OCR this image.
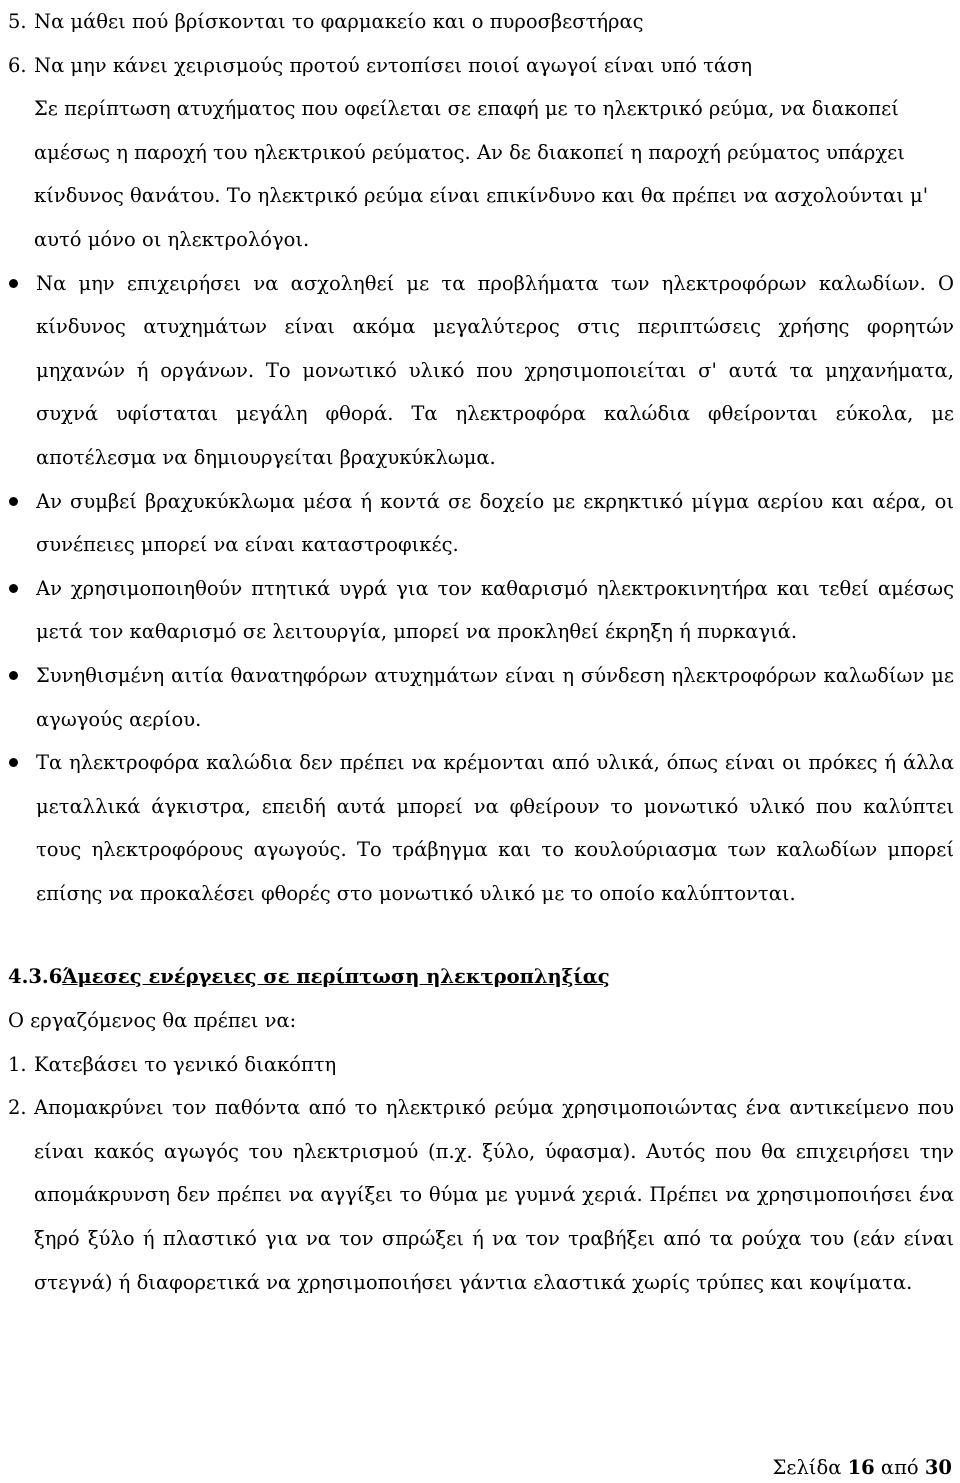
5. Να μάθει πού βρίσκονται το φαρμακείο και ο πυροσβεστήρας
6. Να μην κάνει χειρισμούς προτού εντοπίσει ποιοί αγωγοί είναι υπό τάση

Σε περίπτωση ατυχήματος που οφείλεται σε επαφή με το ηλεκτρικό ρεύμα, να διακοπεί αμέσως η παροχή του ηλεκτρικού ρεύματος. Αν δε διακοπεί η παροχή ρεύματος υπάρχει κίνδυνος θανάτου. Το ηλεκτρικό ρεύμα είναι επικίνδυνο και θα πρέπει να ασχολούνται μ' αυτό μόνο οι ηλεκτρολόγοι.

Να μην επιχειρήσει να ασχοληθεί με τα προβλήματα των ηλεκτροφόρων καλωδίων. Ο κίνδυνος ατυχημάτων είναι ακόμα μεγαλύτερος στις περιπτώσεις χρήσης φορητών μηχανών ή οργάνων. Το μονωτικό υλικό που χρησιμοποιείται σ' αυτά τα μηχανήματα, συχνά υφίσταται μεγάλη φθορά. Τα ηλεκτροφόρα καλώδια φθείρονται εύκολα, με αποτέλεσμα να δημιουργείται βραχυκύκλωμα.
Αν συμβεί βραχυκύκλωμα μέσα ή κοντά σε δοχείο με εκρηκτικό μίγμα αερίου και αέρα, οι συνέπειες μπορεί να είναι καταστροφικές.
Αν χρησιμοποιηθούν πτητικά υγρά για τον καθαρισμό ηλεκτροκινητήρα και τεθεί αμέσως μετά τον καθαρισμό σε λειτουργία, μπορεί να προκληθεί έκρηξη ή πυρκαγιά.
Συνηθισμένη αιτία θανατηφόρων ατυχημάτων είναι η σύνδεση ηλεκτροφόρων καλωδίων με αγωγούς αερίου.
Τα ηλεκτροφόρα καλώδια δεν πρέπει να κρέμονται από υλικά, όπως είναι οι πρόκες ή άλλα μεταλλικά άγκιστρα, επειδή αυτά μπορεί να φθείρουν το μονωτικό υλικό που καλύπτει τους ηλεκτροφόρους αγωγούς. Το τράβηγμα και το κουλούριασμα των καλωδίων μπορεί επίσης να προκαλέσει φθορές στο μονωτικό υλικό με το οποίο καλύπτονται.
4.3.6Άμεσες ενέργειες σε περίπτωση ηλεκτροπληξίας

Ο εργαζόμενος θα πρέπει να:

1. Κατεβάσει το γενικό διακόπτη
2. Απομακρύνει τον παθόντα από το ηλεκτρικό ρεύμα χρησιμοποιώντας ένα αντικείμενο που είναι κακός αγωγός του ηλεκτρισμού (π.χ. ξύλο, ύφασμα). Αυτός που θα επιχειρήσει την απομάκρυνση δεν πρέπει να αγγίξει το θύμα με γυμνά χεριά. Πρέπει να χρησιμοποιήσει ένα ξηρό ξύλο ή πλαστικό για να τον σπρώξει ή να τον τραβήξει από τα ρούχα του (εάν είναι στεγνά) ή διαφορετικά να χρησιμοποιήσει γάντια ελαστικά χωρίς τρύπες και κοψίματα.
Σελίδα 16 από 30
